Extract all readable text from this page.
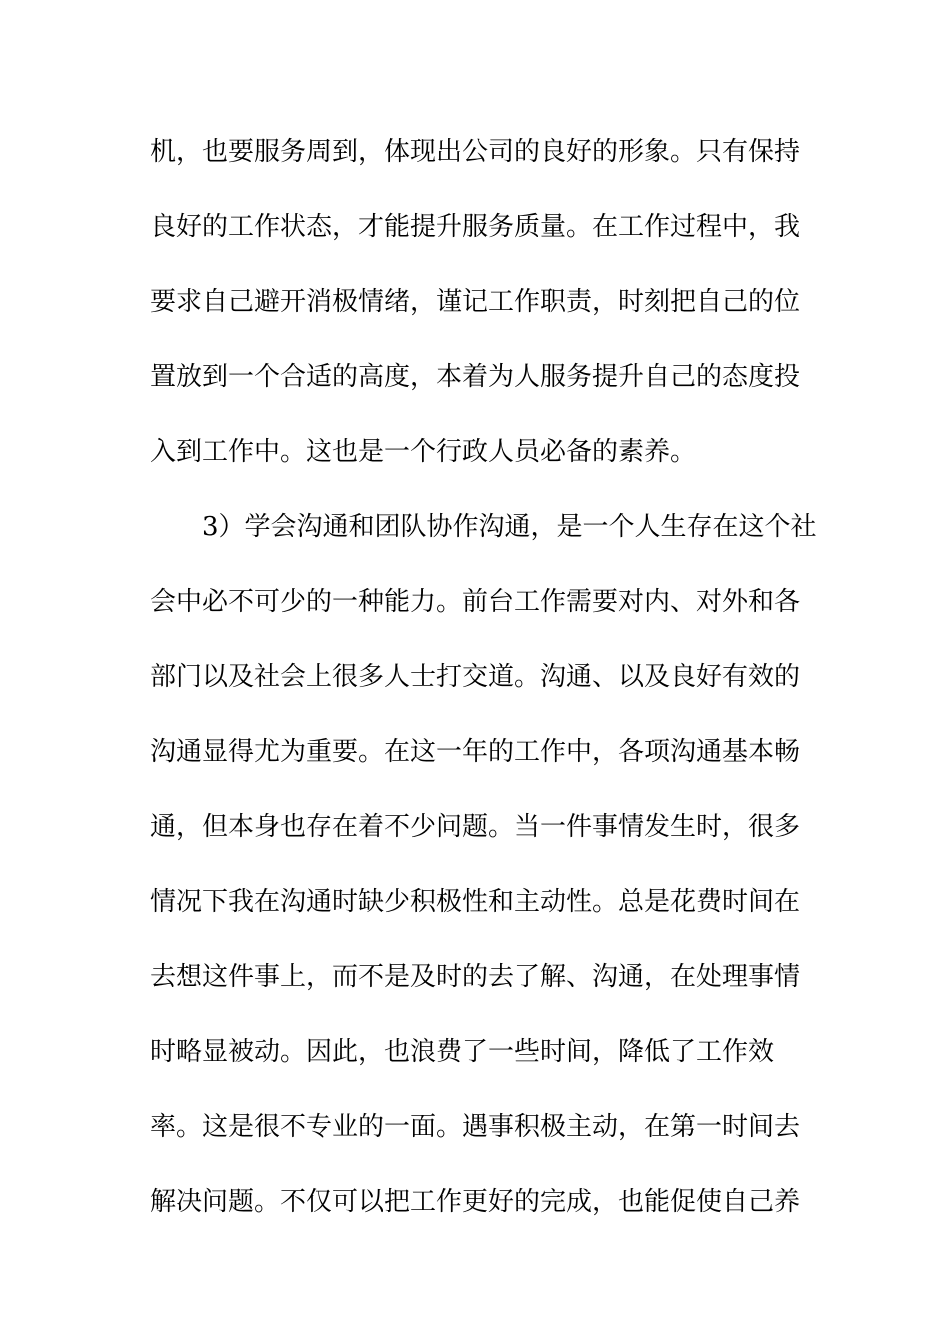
机，也要服务周到，体现出公司的良好的形象。只有保持
良好的工作状态，才能提升服务质量。在工作过程中，我
要求自己避开消极情绪，谨记工作职责，时刻把自己的位
置放到一个合适的高度，本着为人服务提升自己的态度投
入到工作中。这也是一个行政人员必备的素养。
3）学会沟通和团队协作沟通，是一个人生存在这个社
会中必不可少的一种能力。前台工作需要对内、对外和各
部门以及社会上很多人士打交道。沟通、以及良好有效的
沟通显得尤为重要。在这一年的工作中，各项沟通基本畅
通，但本身也存在着不少问题。当一件事情发生时，很多
情况下我在沟通时缺少积极性和主动性。总是花费时间在
去想这件事上，而不是及时的去了解、沟通，在处理事情
时略显被动。因此，也浪费了一些时间，降低了工作效
率。这是很不专业的一面。遇事积极主动，在第一时间去
解决问题。不仅可以把工作更好的完成，也能促使自己养
